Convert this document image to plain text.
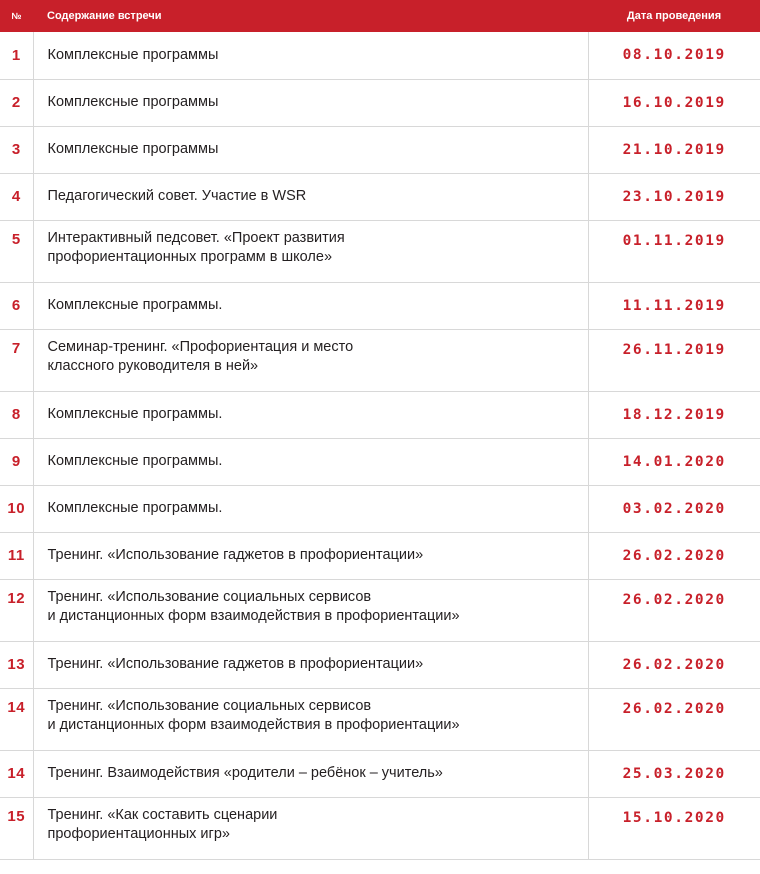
№	Содержание встречи	Дата проведения
1	Комплексные программы	08.10.2019
2	Комплексные программы	16.10.2019
3	Комплексные программы	21.10.2019
4	Педагогический совет. Участие в WSR	23.10.2019
5	Интерактивный педсовет. «Проект развития
профориентационных программ в школе»	01.11.2019
6	Комплексные программы.	11.11.2019
7	Семинар-тренинг. «Профориентация и место
классного руководителя в ней»	26.11.2019
8	Комплексные программы.	18.12.2019
9	Комплексные программы.	14.01.2020
10	Комплексные программы.	03.02.2020
11	Тренинг. «Использование гаджетов в профориентации»	26.02.2020
12	Тренинг. «Использование социальных сервисов
и дистанционных форм взаимодействия в профориентации»	26.02.2020
13	Тренинг. «Использование гаджетов в профориентации»	26.02.2020
14	Тренинг. «Использование социальных сервисов
и дистанционных форм взаимодействия в профориентации»	26.02.2020
14	Тренинг. Взаимодействия «родители – ребёнок – учитель»	25.03.2020
15	Тренинг. «Как составить сценарии
профориентационных игр»	15.10.2020
